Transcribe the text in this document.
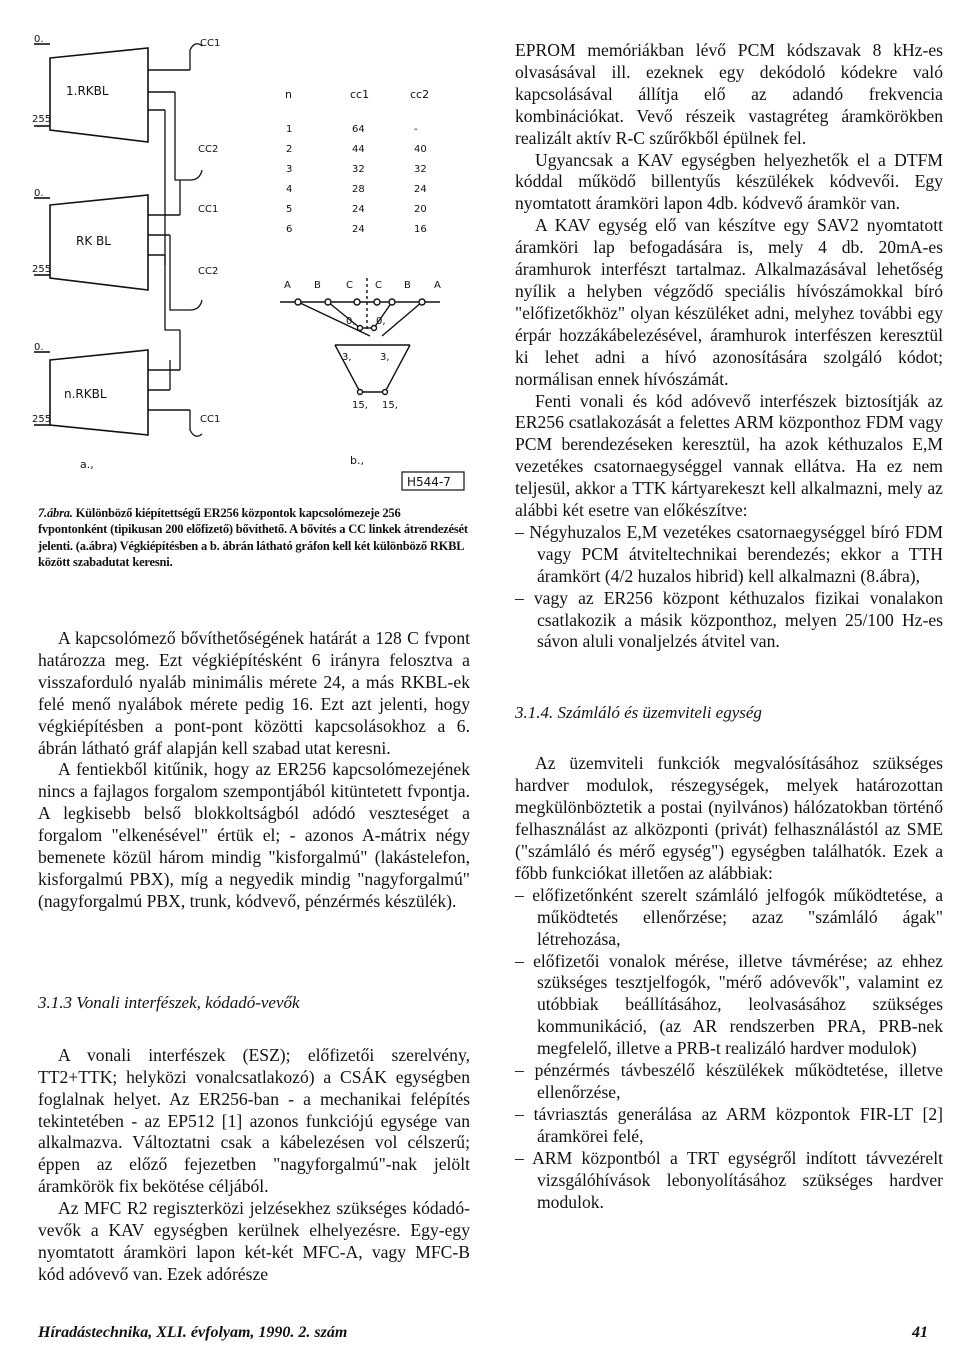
1.RKBL
0.
255
RK BL
0.
255
n.RKBL
0.
255
CC1
CC2
CC1
CC2
CC1
a.,
n	cc1	cc2
1	64	-
2	44	40
3	32	32
4	28	24
5	24	20
6	24	16
A B	C C B A
0, 0,
3,	3,
15, 15,
b.,
H544-7

7.ábra. Különböző kiépítettségű ER256 központok kapcsolómezeje 256 fvpontonként (tipikusan 200 előfizető) bővíthető. A bővítés a CC linkek átrendezését jelenti. (a.ábra) Végkiépítésben a b. ábrán látható gráfon kell két különböző RKBL között szabadutat keresni.

A kapcsolómező bővíthetőségének határát a 128 C fvpont határozza meg. Ezt végkiépítésként 6 irányra felosztva a visszaforduló nyaláb minimális mérete 24, a más RKBL-ek felé menő nyalábok mérete pedig 16. Ezt azt jelenti, hogy végkiépítésben a pont-pont közötti kapcsolásokhoz a 6. ábrán látható gráf alapján kell szabad utat keresni.

A fentiekből kitűnik, hogy az ER256 kapcsolómezejének nincs a fajlagos forgalom szempontjából kitüntetett fvpontja. A legkisebb belső blokkoltságból adódó veszteséget a forgalom "elkenésével" értük el; - azonos A-mátrix négy bemenete közül három mindig "kisforgalmú" (lakástelefon, kisforgalmú PBX), míg a negyedik mindig "nagyforgalmú" (nagyforgalmú PBX, trunk, kódvevő, pénzérmés készülék).

3.1.3 Vonali interfészek, kódadó-vevők

A vonali interfészek (ESZ); előfizetői szerelvény, TT2+TTK; helyközi vonalcsatlakozó) a CSÁK egységben foglalnak helyet. Az ER256-ban - a mechanikai felépítés tekintetében - az EP512 [1] azonos funkciójú egysége van alkalmazva. Változtatni csak a kábelezésen vol célszerű; éppen az előző fejezetben "nagyforgalmú"-nak jelölt áramkörök fix bekötése céljából.

Az MFC R2 regiszterközi jelzésekhez szükséges kódadó-vevők a KAV egységben kerülnek elhelyezésre. Egy-egy nyomtatott áramköri lapon két-két MFC-A, vagy MFC-B kód adóvevő van. Ezek adórésze

EPROM memóriákban lévő PCM kódszavak 8 kHz-es olvasásával ill. ezeknek egy dekódoló kódekre való kapcsolásával állítja elő az adandó frekvencia kombinációkat. Vevő részeik vastagréteg áramkörökben realizált aktív R-C szűrőkből épülnek fel.

Ugyancsak a KAV egységben helyezhetők el a DTFM kóddal működő billentyűs készülékek kódvevői. Egy nyomtatott áramköri lapon 4db. kódvevő áramkör van.

A KAV egység elő van készítve egy SAV2 nyomtatott áramköri lap befogadására is, mely 4 db. 20mA-es áramhurok interfészt tartalmaz. Alkalmazásával lehetőség nyílik a helyben végződő speciális hívószámokkal bíró "előfizetőkhöz" olyan készüléket adni, melyhez további egy érpár hozzákábelezésével, áramhurok interfészen keresztül ki lehet adni a hívó azonosítására szolgáló kódot; normálisan ennek hívószámát.

Fenti vonali és kód adóvevő interfészek biztosítják az ER256 csatlakozását a felettes ARM központhoz FDM vagy PCM berendezéseken keresztül, ha azok kéthuzalos E,M vezetékes csatornaegységgel vannak ellátva. Ha ez nem teljesül, akkor a TTK kártyarekeszt kell alkalmazni, mely az alábbi két esetre van előkészítve:

– Négyhuzalos E,M vezetékes csatornaegységgel bíró FDM vagy PCM átviteltechnikai berendezés; ekkor a TTH áramkört (4/2 huzalos hibrid) kell alkalmazni (8.ábra),

– vagy az ER256 központ kéthuzalos fizikai vonalakon csatlakozik a másik központhoz, melyen 25/100 Hz-es sávon aluli vonaljelzés átvitel van.

3.1.4. Számláló és üzemviteli egység

Az üzemviteli funkciók megvalósításához szükséges hardver modulok, részegységek, melyek határozottan megkülönböztetik a postai (nyilvános) hálózatokban történő felhasználást az alközponti (privát) felhasználástól az SME ("számláló és mérő egység") egységben találhatók. Ezek a főbb funkciókat illetően az alábbiak:

– előfizetőnként szerelt számláló jelfogók működtetése, a működtetés ellenőrzése; azaz "számláló ágak" létrehozása,

– előfizetői vonalok mérése, illetve távmérése; az ehhez szükséges tesztjelfogók, "mérő adóvevők", valamint ez utóbbiak beállításához, leolvasásához szükséges kommunikáció, (az AR rendszerben PRA, PRB-nek megfelelő, illetve a PRB-t realizáló hardver modulok)

– pénzérmés távbeszélő készülékek működtetése, illetve ellenőrzése,

– távriasztás generálása az ARM központok FIR-LT [2] áramkörei felé,

– ARM központból a TRT egységről indított távvezérelt vizsgálóhívások lebonyolításához szükséges hardver modulok.

Híradástechnika, XLI. évfolyam, 1990. 2. szám	41
